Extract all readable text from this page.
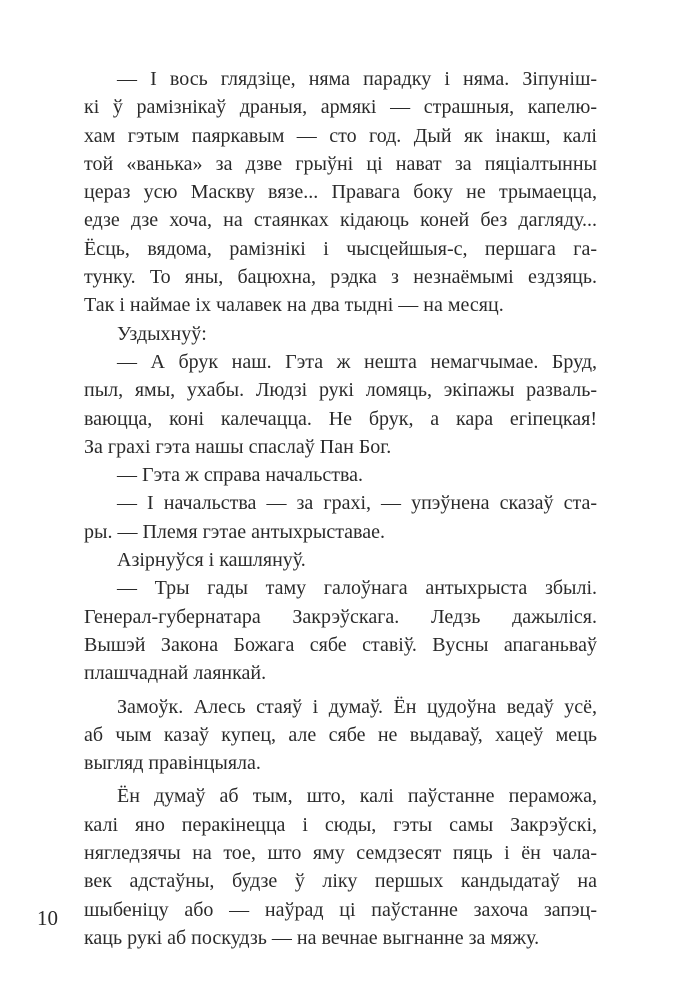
— І вось глядзіце, няма парадку і няма. Зіпуніш-
кі ў рамізнікаў драныя, армякі — страшныя, капелю-
хам гэтым паяркавым — сто год. Дый як інакш, калі
той «ванька» за дзве грыўні ці нават за пяціалтынны
цераз усю Маскву вязе... Правага боку не трымаецца,
едзе дзе хоча, на стаянках кідаюць коней без дагляду...
Ёсць, вядома, рамізнікі і чысцейшыя-с, першага га-
тунку. То яны, бацюхна, рэдка з незнаёмымі ездзяць.
Так і наймае іх чалавек на два тыдні — на месяц.
Уздыхнуў:
— А брук наш. Гэта ж нешта немагчымае. Бруд,
пыл, ямы, ухабы. Людзі рукі ломяць, экіпажы развaль-
ваюцца, коні калечацца. Не брук, а кара егіпецкая!
За грахі гэта нашы спаслаў Пан Бог.
— Гэта ж справа начальства.
— І начальства — за грахі, — упэўнена сказаў ста-
ры. — Племя гэтае антыхрыставае.
Азірнуўся і кашлянуў.
— Тры гады таму галоўнага антыхрыста збылі.
Генерал-губернатара Закрэўскага. Ледзь дажыліся.
Вышэй Закона Божага сябе ставіў. Вусны апаганьваў
плашчаднай лаянкай.
Замоўк. Алесь стаяў і думаў. Ён цудоўна ведаў усё,
аб чым казаў купец, але сябе не выдаваў, хацеў мець
выгляд правінцыяла.
Ён думаў аб тым, што, калі паўстанне пераможа,
калі яно перакінецца і сюды, гэты самы Закрэўскі,
нягледзячы на тое, што яму семдзесят пяць і ён чала-
век адстаўны, будзе ў ліку першых кандыдатаў на
шыбеніцу або — наўрад ці паўстанне захоча запэц-
каць рукі аб поскудзь — на вечнае выгнанне за мяжу.
10
